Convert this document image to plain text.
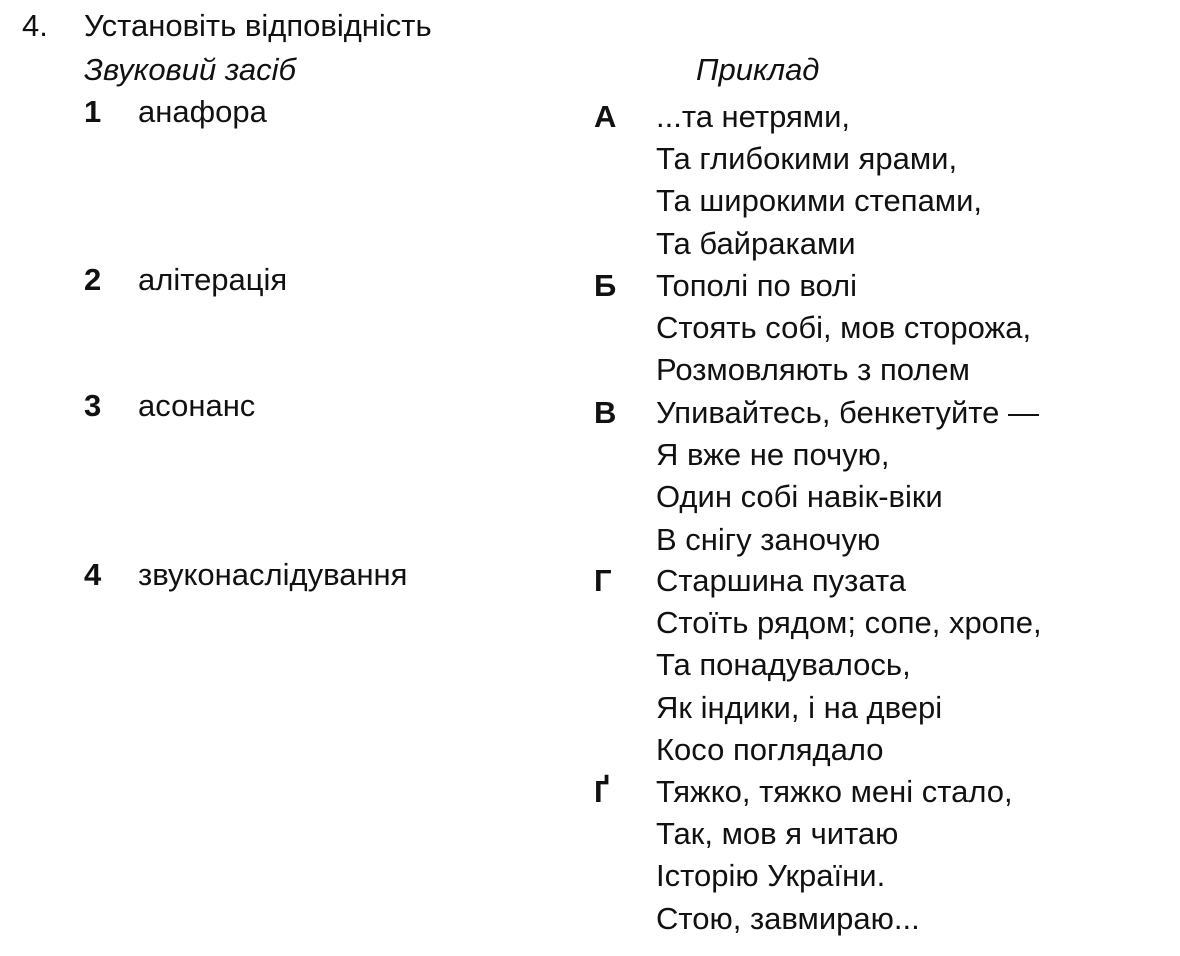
4. Установіть відповідність
Звуковий засіб	Приклад
1 анафора
2 алітерація
3 асонанс
4 звуконаслідування
А	...та нетрями,
Та глибокими ярами,
Та широкими степами,
Та байраками
Б	Тополі по волі
Стоять собі, мов сторожа,
Розмовляють з полем
В	Упивайтесь, бенкетуйте —
Я вже не почую,
Один собі навік-віки
В снігу заночую
Г	Старшина пузата
Стоїть рядом; сопе, хропе,
Та понадувалось,
Як індики, і на двері
Косо поглядало
Ґ	Тяжко, тяжко мені стало,
Так, мов я читаю
Історію України.
Стою, завмираю...
